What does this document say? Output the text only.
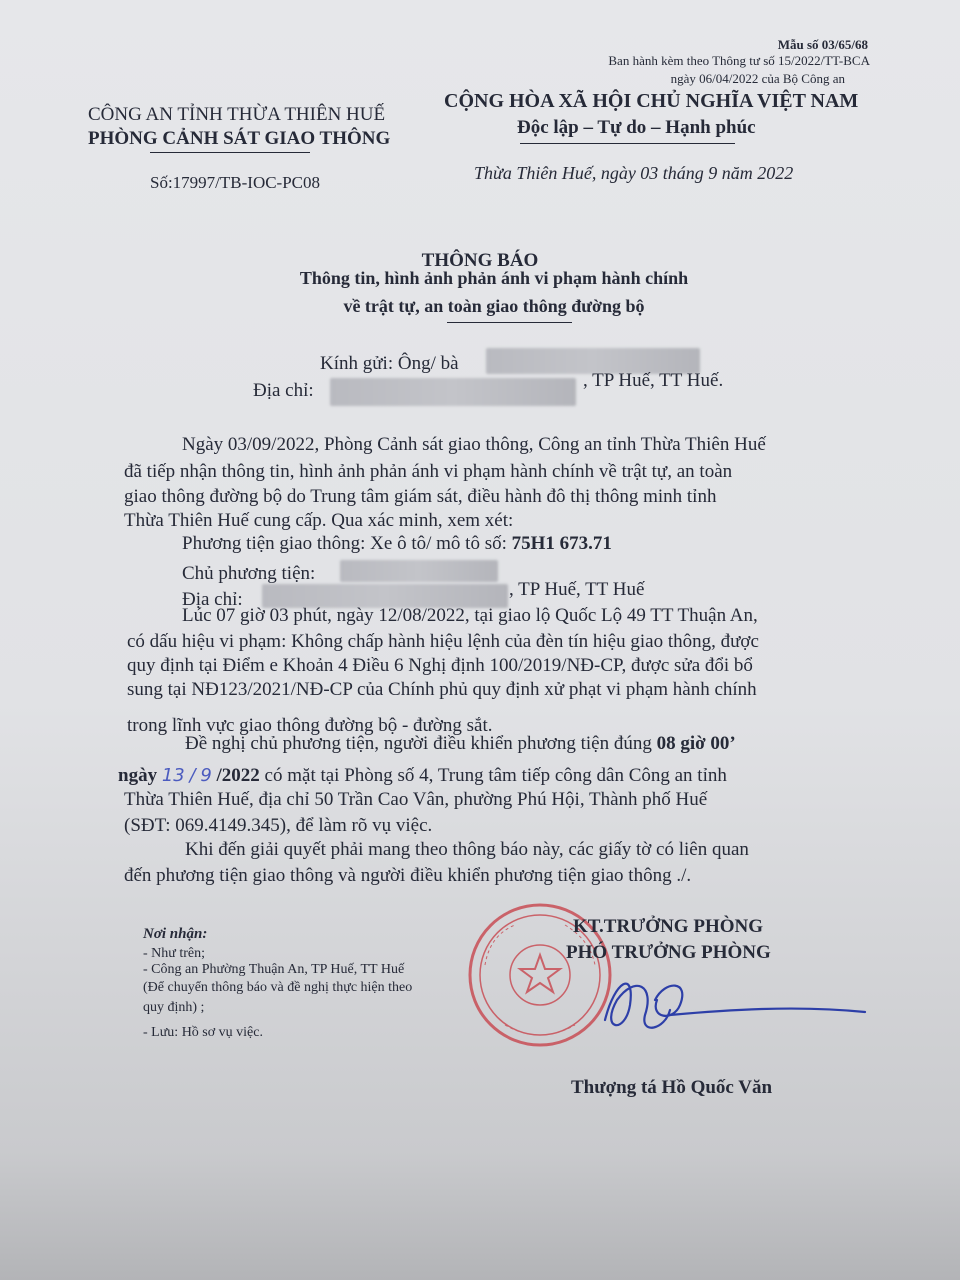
Mẫu số 03/65/68
Ban hành kèm theo Thông tư số 15/2022/TT-BCA
ngày 06/04/2022 của Bộ Công an
CÔNG AN TỈNH THỪA THIÊN HUẾ
PHÒNG CẢNH SÁT GIAO THÔNG
CỘNG HÒA XÃ HỘI CHỦ NGHĨA VIỆT NAM
Độc lập – Tự do – Hạnh phúc
Số:17997/TB-IOC-PC08	Thừa Thiên Huế, ngày 03 tháng 9 năm 2022
THÔNG BÁO
Thông tin, hình ảnh phản ánh vi phạm hành chính
về trật tự, an toàn giao thông đường bộ
Kính gửi: Ông/ bà
Địa chỉ:	, TP Huế, TT Huế.
Ngày 03/09/2022, Phòng Cảnh sát giao thông, Công an tỉnh Thừa Thiên Huế
đã tiếp nhận thông tin, hình ảnh phản ánh vi phạm hành chính về trật tự, an toàn
giao thông đường bộ do Trung tâm giám sát, điều hành đô thị thông minh tỉnh
Thừa Thiên Huế cung cấp. Qua xác minh, xem xét:
Phương tiện giao thông: Xe ô tô/ mô tô số: 75H1 673.71
Chủ phương tiện:
Địa chỉ:	, TP Huế, TT Huế
Lúc 07 giờ 03 phút, ngày 12/08/2022, tại giao lộ Quốc Lộ 49 TT Thuận An,
có dấu hiệu vi phạm: Không chấp hành hiệu lệnh của đèn tín hiệu giao thông, được
quy định tại Điểm e Khoản 4 Điều 6 Nghị định 100/2019/NĐ-CP, được sửa đổi bổ
sung tại NĐ123/2021/NĐ-CP của Chính phủ quy định xử phạt vi phạm hành chính
trong lĩnh vực giao thông đường bộ - đường sắt.
Đề nghị chủ phương tiện, người điều khiển phương tiện đúng 08 giờ 00’
ngày 13 / 9 /2022 có mặt tại Phòng số 4, Trung tâm tiếp công dân Công an tỉnh
Thừa Thiên Huế, địa chỉ 50 Trần Cao Vân, phường Phú Hội, Thành phố Huế
(SĐT: 069.4149.345), để làm rõ vụ việc.
Khi đến giải quyết phải mang theo thông báo này, các giấy tờ có liên quan
đến phương tiện giao thông và người điều khiển phương tiện giao thông ./.
Nơi nhận:
- Như trên;
- Công an Phường Thuận An, TP Huế, TT Huế
(Để chuyển thông báo và đề nghị thực hiện theo
quy định) ;
- Lưu: Hồ sơ vụ việc.
KT.TRƯỞNG PHÒNG
PHÓ TRƯỞNG PHÒNG
Thượng tá Hồ Quốc Văn
